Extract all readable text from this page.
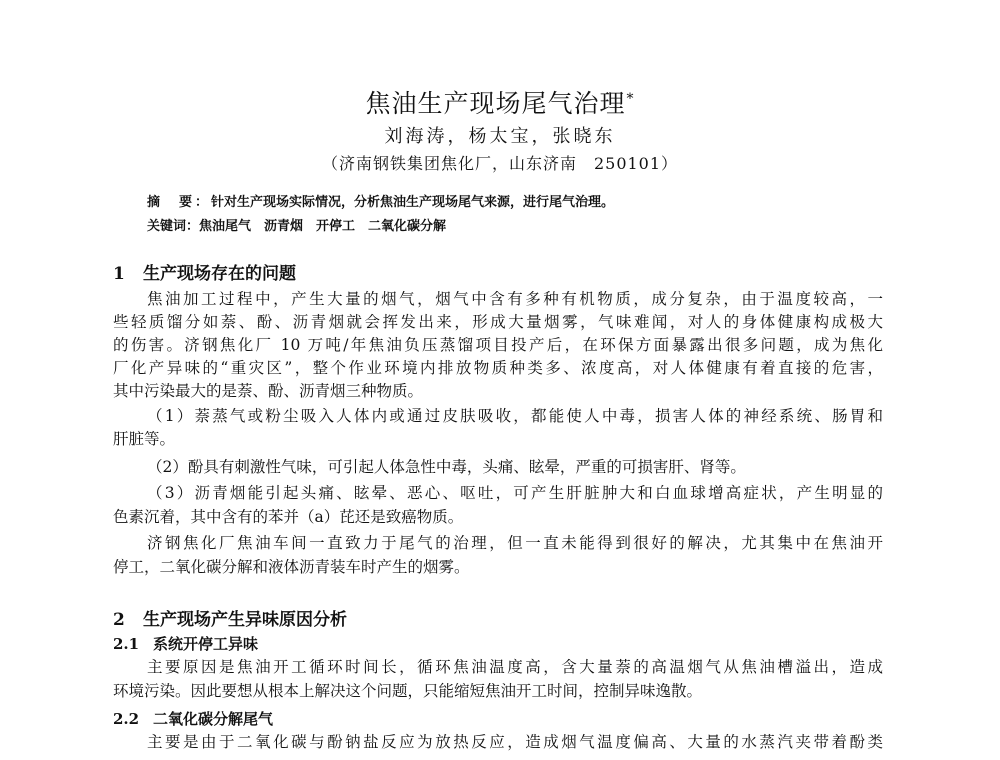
焦油生产现场尾气治理*
刘海涛，杨太宝，张晓东
（济南钢铁集团焦化厂，山东济南　250101）
摘　要：针对生产现场实际情况，分析焦油生产现场尾气来源，进行尾气治理。
关键词：焦油尾气　沥青烟　开停工　二氧化碳分解
1 生产现场存在的问题
焦油加工过程中，产生大量的烟气，烟气中含有多种有机物质，成分复杂，由于温度较高，一
些轻质馏分如萘、酚、沥青烟就会挥发出来，形成大量烟雾，气味难闻，对人的身体健康构成极大
的伤害。济钢焦化厂 10 万吨/年焦油负压蒸馏项目投产后，在环保方面暴露出很多问题，成为焦化
厂化产异味的“重灾区”，整个作业环境内排放物质种类多、浓度高，对人体健康有着直接的危害，
其中污染最大的是萘、酚、沥青烟三种物质。
（1）萘蒸气或粉尘吸入人体内或通过皮肤吸收，都能使人中毒，损害人体的神经系统、肠胃和
肝脏等。
（2）酚具有刺激性气味，可引起人体急性中毒，头痛、眩晕，严重的可损害肝、肾等。
（3）沥青烟能引起头痛、眩晕、恶心、呕吐，可产生肝脏肿大和白血球增高症状，产生明显的
色素沉着，其中含有的苯并（a）芘还是致癌物质。
济钢焦化厂焦油车间一直致力于尾气的治理，但一直未能得到很好的解决，尤其集中在焦油开
停工，二氧化碳分解和液体沥青装车时产生的烟雾。
2 生产现场产生异味原因分析
2.1 系统开停工异味
主要原因是焦油开工循环时间长，循环焦油温度高，含大量萘的高温烟气从焦油槽溢出，造成
环境污染。因此要想从根本上解决这个问题，只能缩短焦油开工时间，控制异味逸散。
2.2 二氧化碳分解尾气
主要是由于二氧化碳与酚钠盐反应为放热反应，造成烟气温度偏高、大量的水蒸汽夹带着酚类
